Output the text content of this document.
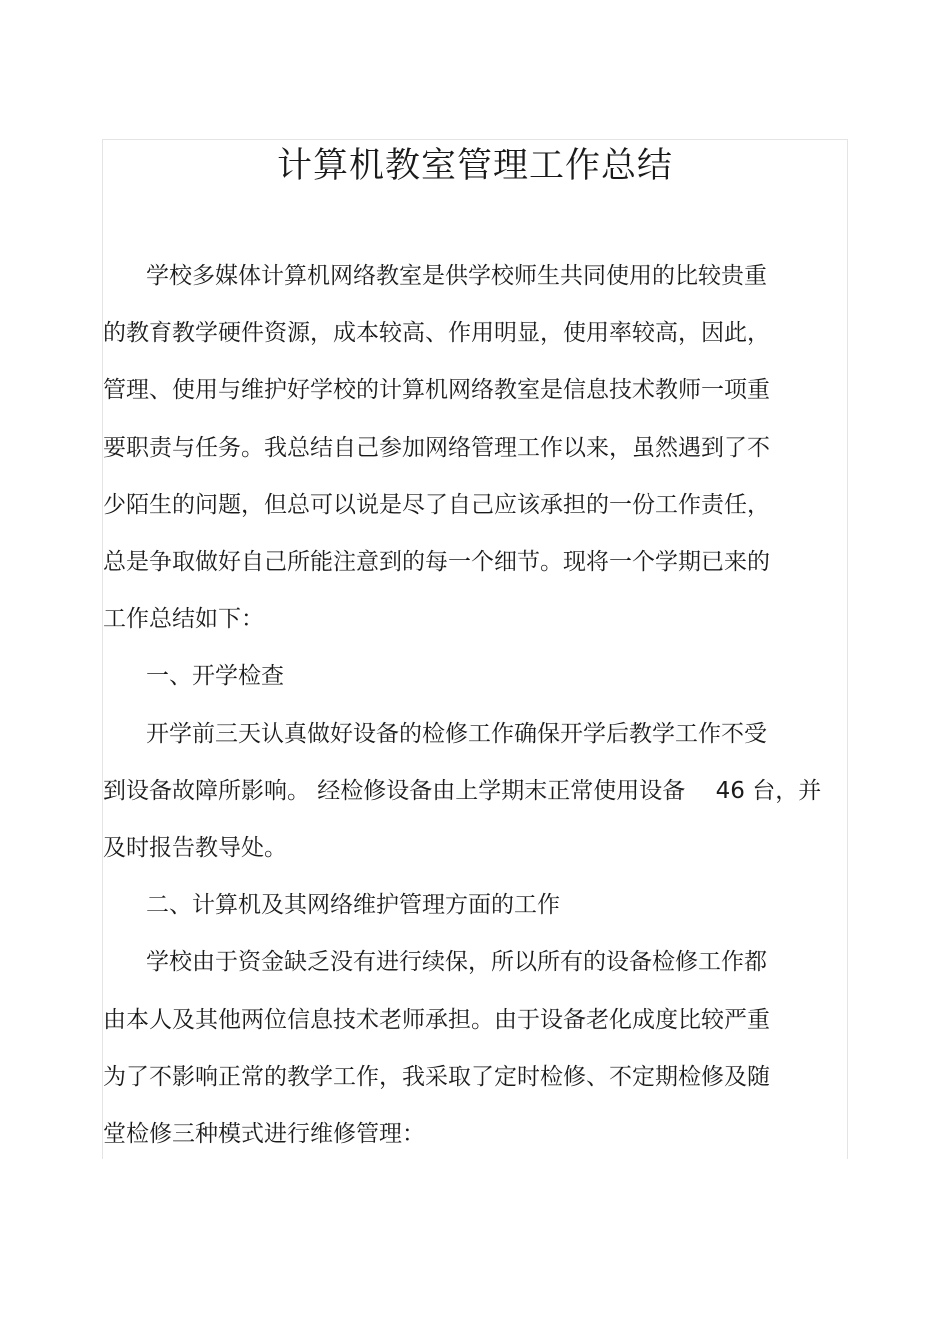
计算机教室管理工作总结
学校多媒体计算机网络教室是供学校师生共同使用的比较贵重
的教育教学硬件资源，成本较高、作用明显，使用率较高，因此，
管理、使用与维护好学校的计算机网络教室是信息技术教师一项重
要职责与任务。我总结自己参加网络管理工作以来，虽然遇到了不
少陌生的问题，但总可以说是尽了自己应该承担的一份工作责任，
总是争取做好自己所能注意到的每一个细节。现将一个学期已来的
工作总结如下：
一、开学检查
开学前三天认真做好设备的检修工作确保开学后教学工作不受
到设备故障所影响。 经检修设备由上学期末正常使用设备　 46 台，并
及时报告教导处。
二、计算机及其网络维护管理方面的工作
学校由于资金缺乏没有进行续保，所以所有的设备检修工作都
由本人及其他两位信息技术老师承担。由于设备老化成度比较严重
为了不影响正常的教学工作，我采取了定时检修、不定期检修及随
堂检修三种模式进行维修管理：
